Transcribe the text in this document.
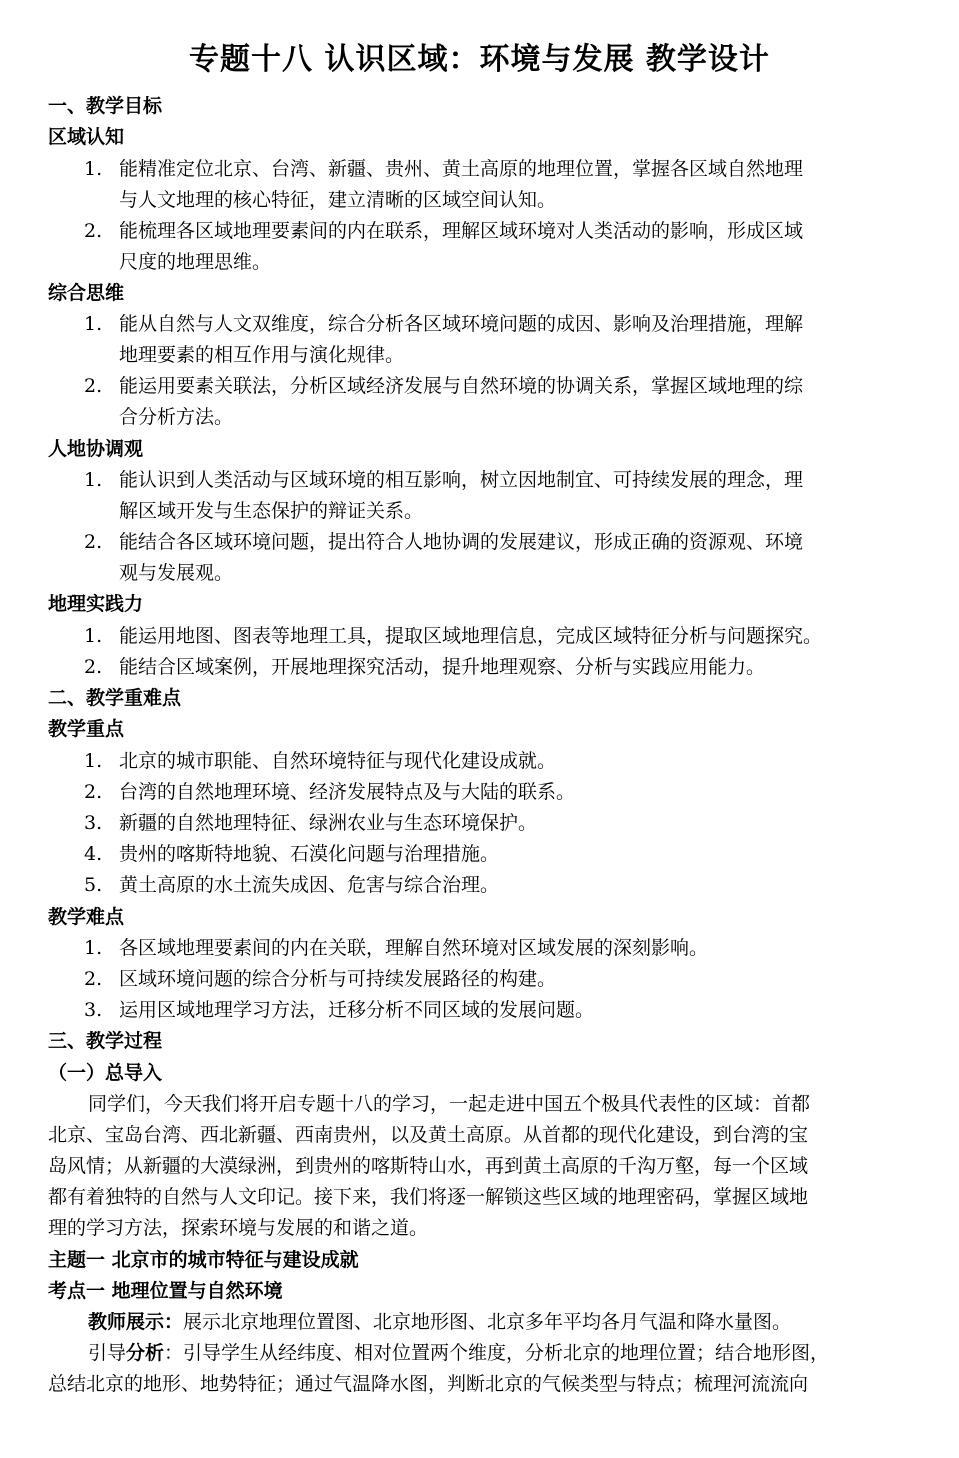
专题十八 认识区域：环境与发展 教学设计
一、教学目标
区域认知
1. 能精准定位北京、台湾、新疆、贵州、黄土高原的地理位置，掌握各区域自然地理
与人文地理的核心特征，建立清晰的区域空间认知。
2. 能梳理各区域地理要素间的内在联系，理解区域环境对人类活动的影响，形成区域
尺度的地理思维。
综合思维
1. 能从自然与人文双维度，综合分析各区域环境问题的成因、影响及治理措施，理解
地理要素的相互作用与演化规律。
2. 能运用要素关联法，分析区域经济发展与自然环境的协调关系，掌握区域地理的综
合分析方法。
人地协调观
1. 能认识到人类活动与区域环境的相互影响，树立因地制宜、可持续发展的理念，理
解区域开发与生态保护的辩证关系。
2. 能结合各区域环境问题，提出符合人地协调的发展建议，形成正确的资源观、环境
观与发展观。
地理实践力
1. 能运用地图、图表等地理工具，提取区域地理信息，完成区域特征分析与问题探究。
2. 能结合区域案例，开展地理探究活动，提升地理观察、分析与实践应用能力。
二、教学重难点
教学重点
1. 北京的城市职能、自然环境特征与现代化建设成就。
2. 台湾的自然地理环境、经济发展特点及与大陆的联系。
3. 新疆的自然地理特征、绿洲农业与生态环境保护。
4. 贵州的喀斯特地貌、石漠化问题与治理措施。
5. 黄土高原的水土流失成因、危害与综合治理。
教学难点
1. 各区域地理要素间的内在关联，理解自然环境对区域发展的深刻影响。
2. 区域环境问题的综合分析与可持续发展路径的构建。
3. 运用区域地理学习方法，迁移分析不同区域的发展问题。
三、教学过程
（一）总导入
同学们，今天我们将开启专题十八的学习，一起走进中国五个极具代表性的区域：首都
北京、宝岛台湾、西北新疆、西南贵州，以及黄土高原。从首都的现代化建设，到台湾的宝
岛风情；从新疆的大漠绿洲，到贵州的喀斯特山水，再到黄土高原的千沟万壑，每一个区域
都有着独特的自然与人文印记。接下来，我们将逐一解锁这些区域的地理密码，掌握区域地
理的学习方法，探索环境与发展的和谐之道。
主题一 北京市的城市特征与建设成就
考点一 地理位置与自然环境
教师展示：展示北京地理位置图、北京地形图、北京多年平均各月气温和降水量图。
引导分析：引导学生从经纬度、相对位置两个维度，分析北京的地理位置；结合地形图，
总结北京的地形、地势特征；通过气温降水图，判断北京的气候类型与特点；梳理河流流向
